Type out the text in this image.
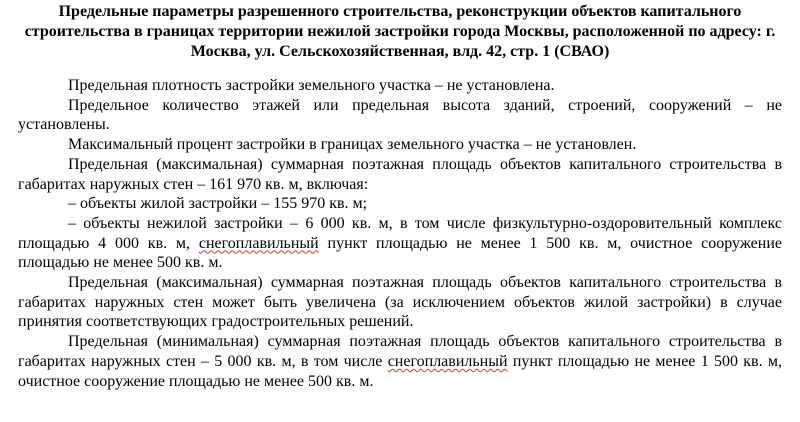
Предельные параметры разрешенного строительства, реконструкции объектов капитального строительства в границах территории нежилой застройки города Москвы, расположенной по адресу: г. Москва, ул. Сельскохозяйственная, влд. 42, стр. 1 (СВАО)

Предельная плотность застройки земельного участка – не установлена.

Предельное количество этажей или предельная высота зданий, строений, сооружений – не установлены.

Максимальный процент застройки в границах земельного участка – не установлен.

Предельная (максимальная) суммарная поэтажная площадь объектов капитального строительства в габаритах наружных стен – 161 970 кв. м, включая:

– объекты жилой застройки – 155 970 кв. м;

– объекты нежилой застройки – 6 000 кв. м, в том числе физкультурно-оздоровительный комплекс площадью 4 000 кв. м, снегоплавильный пункт площадью не менее 1 500 кв. м, очистное сооружение площадью не менее 500 кв. м.

Предельная (максимальная) суммарная поэтажная площадь объектов капитального строительства в габаритах наружных стен может быть увеличена (за исключением объектов жилой застройки) в случае принятия соответствующих градостроительных решений.

Предельная (минимальная) суммарная поэтажная площадь объектов капитального строительства в габаритах наружных стен – 5 000 кв. м, в том числе снегоплавильный пункт площадью не менее 1 500 кв. м, очистное сооружение площадью не менее 500 кв. м.
